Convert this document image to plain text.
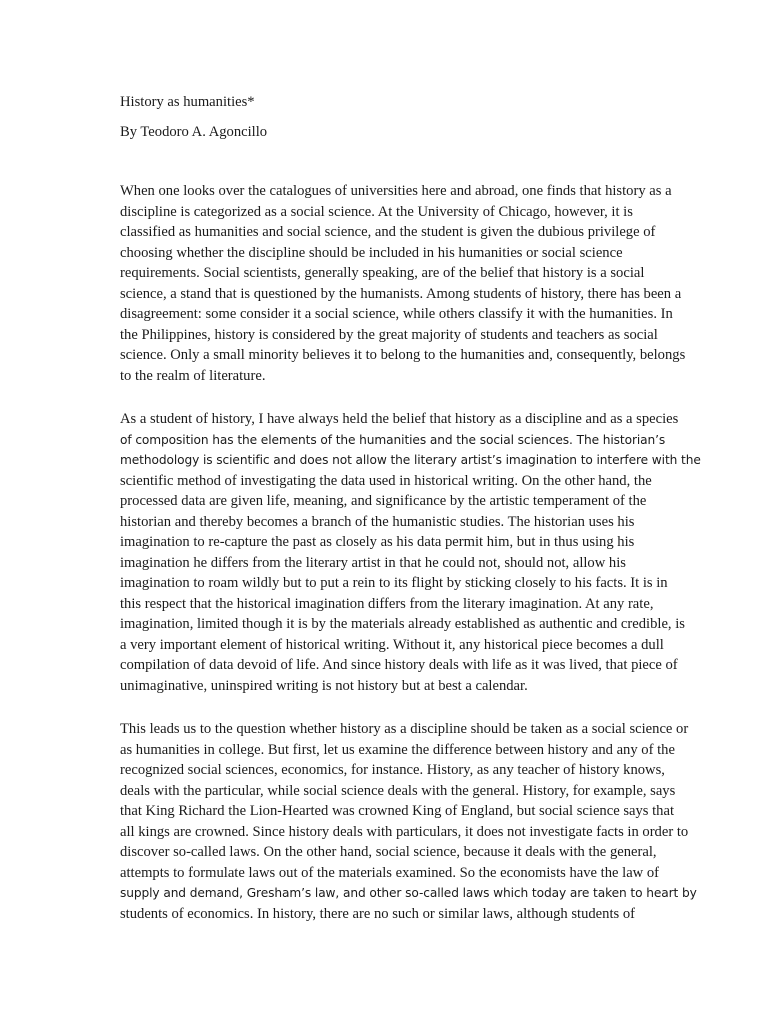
History as humanities*

By Teodoro A. Agoncillo

When one looks over the catalogues of universities here and abroad, one finds that history as a
discipline is categorized as a social science. At the University of Chicago, however, it is
classified as humanities and social science, and the student is given the dubious privilege of
choosing whether the discipline should be included in his humanities or social science
requirements. Social scientists, generally speaking, are of the belief that history is a social
science, a stand that is questioned by the humanists. Among students of history, there has been a
disagreement: some consider it a social science, while others classify it with the humanities. In
the Philippines, history is considered by the great majority of students and teachers as social
science. Only a small minority believes it to belong to the humanities and, consequently, belongs
to the realm of literature.
As a student of history, I have always held the belief that history as a discipline and as a species
of composition has the elements of the humanities and the social sciences. The historian’s
methodology is scientific and does not allow the literary artist’s imagination to interfere with the
scientific method of investigating the data used in historical writing. On the other hand, the
processed data are given life, meaning, and significance by the artistic temperament of the
historian and thereby becomes a branch of the humanistic studies. The historian uses his
imagination to re-capture the past as closely as his data permit him, but in thus using his
imagination he differs from the literary artist in that he could not, should not, allow his
imagination to roam wildly but to put a rein to its flight by sticking closely to his facts. It is in
this respect that the historical imagination differs from the literary imagination. At any rate,
imagination, limited though it is by the materials already established as authentic and credible, is
a very important element of historical writing. Without it, any historical piece becomes a dull
compilation of data devoid of life. And since history deals with life as it was lived, that piece of
unimaginative, uninspired writing is not history but at best a calendar.
This leads us to the question whether history as a discipline should be taken as a social science or
as humanities in college. But first, let us examine the difference between history and any of the
recognized social sciences, economics, for instance. History, as any teacher of history knows,
deals with the particular, while social science deals with the general. History, for example, says
that King Richard the Lion-Hearted was crowned King of England, but social science says that
all kings are crowned. Since history deals with particulars, it does not investigate facts in order to
discover so-called laws. On the other hand, social science, because it deals with the general,
attempts to formulate laws out of the materials examined. So the economists have the law of
supply and demand, Gresham’s law, and other so-called laws which today are taken to heart by
students of economics. In history, there are no such or similar laws, although students of
